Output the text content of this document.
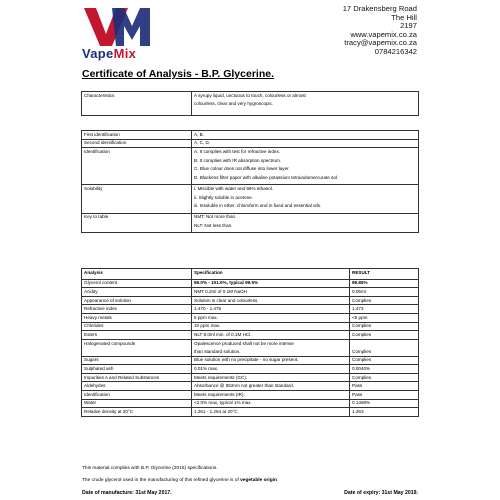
VapeMix
17 Drakensberg Road
The Hill
2197
www.vapemix.co.za
tracy@vapemix.co.za
0784216342
Certificate of Analysis - B.P. Glycerine.
Characteristics	A syrupy liquid, unctuous to touch, colourless or almost
colourless, clear and very hygroscopic.
First identification	A, B.
Second identification	A, C, D.
Identification	A. It complies with test for refractive index.
B. It complies with IR absorption spectrum.
C. Blue colour does not diffuse into lower layer.
D. Blackens filter paper with alkaline potassium tetraiodomercurate sol.

Solubility	i. Miscible with water and 96% ethanol.
ii. Slightly soluble in acetone.
iii. Insoluble in ether, chloroform and in fixed and essential oils.

Key to table	NMT: Not more than.
NLT: Not less than.
Analysis	Specification	RESULT
Glycerol content	98.0% - 101.0%, typical 99.5%	99.85%
Acidity	NMT 0.2ml of 0.1M NaOH	0.05ml
Appearance of solution	Solution is clear and colourless.	Complies
Refractive index	1.470 - 1.475	1.473
Heavy metals	5 ppm max.	<5 ppm
Chlorides	10 ppm max.	Complies
Esters	NLT 8.0ml min. of 0.1M HCl.	Complies
Halogenated compounds	Opalescence produced shall not be more intense
than standard solution.	Complies
Sugars	Blue solution with no precipitate - no sugar present.	Complies
Sulphated ash	0.01% max.	0.0040%
Impurities A and Related Substances	Meets requirements (GC).	Complies
Aldehydes	Absorbance @ 552nm not greater than standard.	Pass
Identification	Meets requirements (IR).	Pass
Water	<2.0% max, typical 1% max.	0.1468%
Relative density at 20°C	1.261 - 1.264 at 20°C	1.263
This material complies with B.P. Glycerine (2016) specifications.
The crude glycerol used in the manufacturing of this refined glycerine is of vegetable origin.
Date of manufacture: 31st May 2017.	Date of expiry: 31st May 2019.
